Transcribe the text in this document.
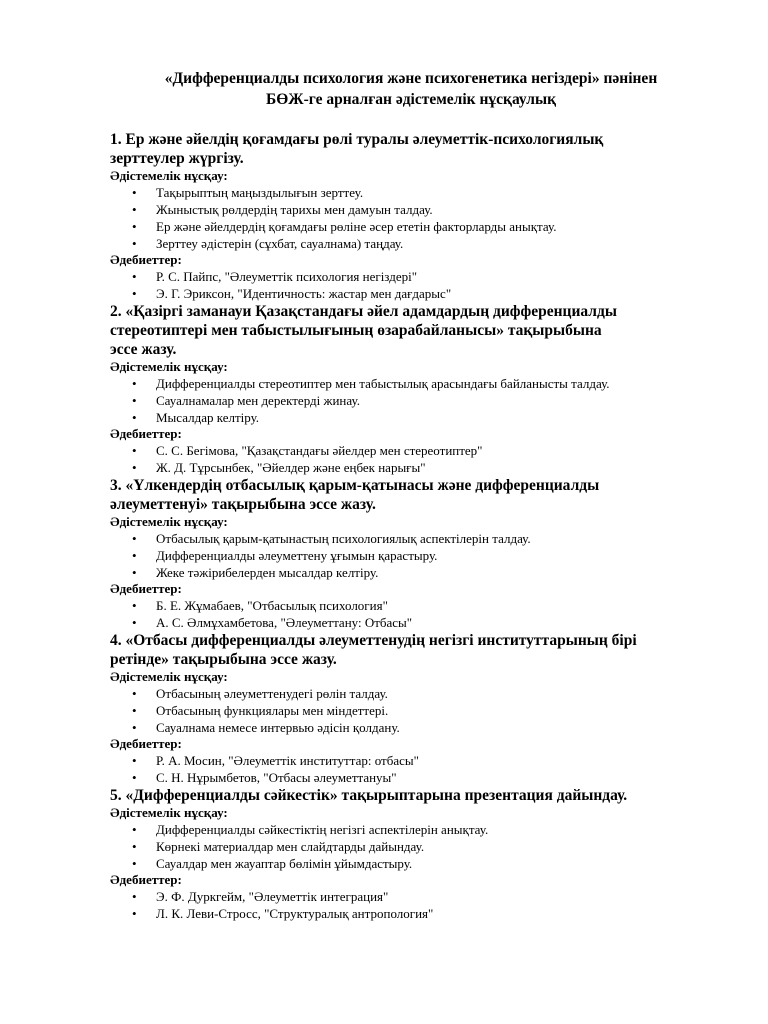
«Дифференциалды психология және психогенетика негіздері» пәнінен
БӨЖ-ге арналған әдістемелік нұсқаулық
1. Ер және әйелдің қоғамдағы рөлі туралы әлеуметтік-психологиялық
зерттеулер жүргізу.
Әдістемелік нұсқау:
• Тақырыптың маңыздылығын зерттеу.
• Жыныстық рөлдердің тарихы мен дамуын талдау.
• Ер және әйелдердің қоғамдағы рөліне әсер ететін факторларды анықтау.
• Зерттеу әдістерін (сұхбат, сауалнама) таңдау.
Әдебиеттер:
• Р. С. Пайпс, "Әлеуметтік психология негіздері"
• Э. Г. Эриксон, "Идентичность: жастар мен дағдарыс"
2. «Қазіргі заманауи Қазақстандағы әйел адамдардың дифференциалды
стереотиптері мен табыстылығының өзарабайланысы» тақырыбына
эссе жазу.
Әдістемелік нұсқау:
• Дифференциалды стереотиптер мен табыстылық арасындағы байланысты талдау.
• Сауалнамалар мен деректерді жинау.
• Мысалдар келтіру.
Әдебиеттер:
• С. С. Бегімова, "Қазақстандағы әйелдер мен стереотиптер"
• Ж. Д. Тұрсынбек, "Әйелдер және еңбек нарығы"
3. «Үлкендердің отбасылық қарым-қатынасы және дифференциалды
әлеуметтенуі» тақырыбына эссе жазу.
Әдістемелік нұсқау:
• Отбасылық қарым-қатынастың психологиялық аспектілерін талдау.
• Дифференциалды әлеуметтену ұғымын қарастыру.
• Жеке тәжірибелерден мысалдар келтіру.
Әдебиеттер:
• Б. Е. Жұмабаев, "Отбасылық психология"
• А. С. Әлмұхамбетова, "Әлеуметтану: Отбасы"
4. «Отбасы дифференциалды әлеуметтенудің негізгі институттарының бірі
ретінде» тақырыбына эссе жазу.
Әдістемелік нұсқау:
• Отбасының әлеуметтенудегі рөлін талдау.
• Отбасының функциялары мен міндеттері.
• Сауалнама немесе интервью әдісін қолдану.
Әдебиеттер:
• Р. А. Мосин, "Әлеуметтік институттар: отбасы"
• С. Н. Нұрымбетов, "Отбасы әлеуметтануы"
5. «Дифференциалды сәйкестік» тақырыптарына презентация дайындау.
Әдістемелік нұсқау:
• Дифференциалды сәйкестіктің негізгі аспектілерін анықтау.
• Көрнекі материалдар мен слайдтарды дайындау.
• Сауалдар мен жауаптар бөлімін ұйымдастыру.
Әдебиеттер:
• Э. Ф. Дуркгейм, "Әлеуметтік интеграция"
• Л. К. Леви-Стросс, "Структуралық антропология"
